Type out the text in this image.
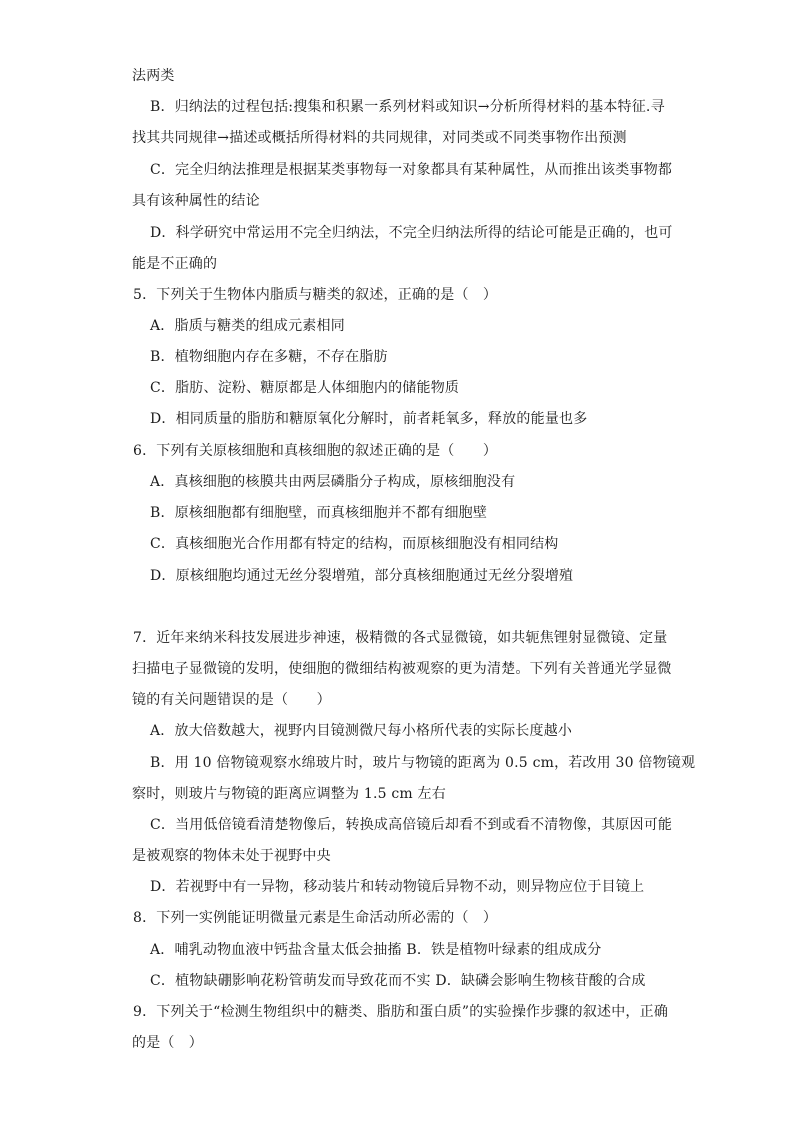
法两类
B．归纳法的过程包括:搜集和积累一系列材料或知识→分析所得材料的基本特征.寻
找其共同规律→描述或概括所得材料的共同规律，对同类或不同类事物作出预测
C．完全归纳法推理是根据某类事物每一对象都具有某种属性，从而推出该类事物都
具有该种属性的结论
D．科学研究中常运用不完全归纳法，不完全归纳法所得的结论可能是正确的，也可
能是不正确的
5．下列关于生物体内脂质与糖类的叙述，正确的是（　）
A．脂质与糖类的组成元素相同
B．植物细胞内存在多糖，不存在脂肪
C．脂肪、淀粉、糖原都是人体细胞内的储能物质
D．相同质量的脂肪和糖原氧化分解时，前者耗氧多，释放的能量也多
6．下列有关原核细胞和真核细胞的叙述正确的是（　　）
A．真核细胞的核膜共由两层磷脂分子构成，原核细胞没有
B．原核细胞都有细胞壁，而真核细胞并不都有细胞壁
C．真核细胞光合作用都有特定的结构，而原核细胞没有相同结构
D．原核细胞均通过无丝分裂增殖，部分真核细胞通过无丝分裂增殖
7．近年来纳米科技发展进步神速，极精微的各式显微镜，如共轭焦锂射显微镜、定量
扫描电子显微镜的发明，使细胞的微细结构被观察的更为清楚。下列有关普通光学显微
镜的有关问题错误的是（　　）
A．放大倍数越大，视野内目镜测微尺每小格所代表的实际长度越小
B．用 10 倍物镜观察水绵玻片时，玻片与物镜的距离为 0.5 cm，若改用 30 倍物镜观
察时，则玻片与物镜的距离应调整为 1.5 cm 左右
C．当用低倍镜看清楚物像后，转换成高倍镜后却看不到或看不清物像，其原因可能
是被观察的物体未处于视野中央
D．若视野中有一异物，移动装片和转动物镜后异物不动，则异物应位于目镜上
8．下列一实例能证明微量元素是生命活动所必需的（　）
A．哺乳动物血液中钙盐含量太低会抽搐 B．铁是植物叶绿素的组成成分
C．植物缺硼影响花粉管萌发而导致花而不实 D．缺磷会影响生物核苷酸的合成
9．下列关于“检测生物组织中的糖类、脂肪和蛋白质”的实验操作步骤的叙述中，正确
的是（　）
